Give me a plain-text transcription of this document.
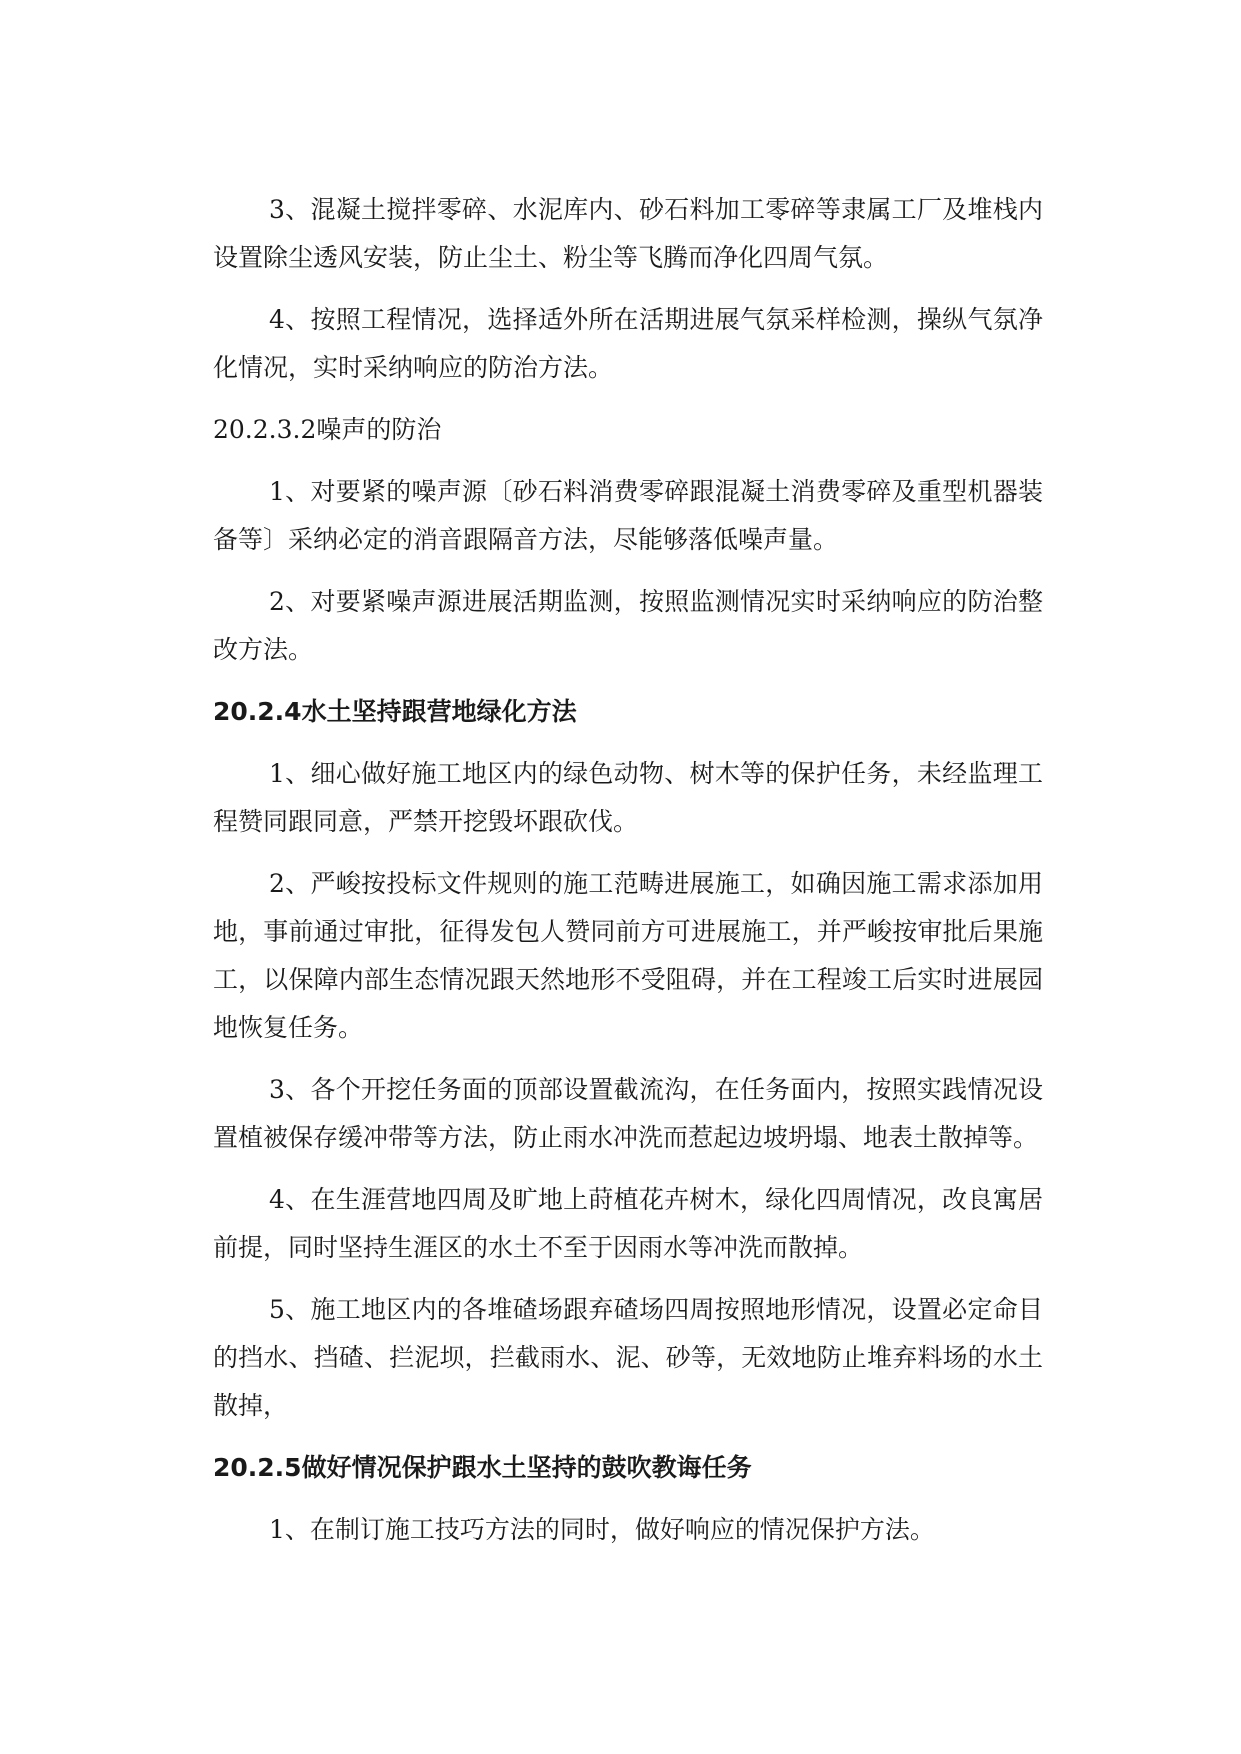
3、混凝土搅拌零碎、水泥库内、砂石料加工零碎等隶属工厂及堆栈内设置除尘透风安装，防止尘土、粉尘等飞腾而净化四周气氛。

4、按照工程情况，选择适外所在活期进展气氛采样检测，操纵气氛净化情况，实时采纳响应的防治方法。

20.2.3.2噪声的防治

1、对要紧的噪声源〔砂石料消费零碎跟混凝土消费零碎及重型机器装备等〕采纳必定的消音跟隔音方法，尽能够落低噪声量。

2、对要紧噪声源进展活期监测，按照监测情况实时采纳响应的防治整改方法。

20.2.4水土坚持跟营地绿化方法

1、细心做好施工地区内的绿色动物、树木等的保护任务，未经监理工程赞同跟同意，严禁开挖毁坏跟砍伐。

2、严峻按投标文件规则的施工范畴进展施工，如确因施工需求添加用地，事前通过审批，征得发包人赞同前方可进展施工，并严峻按审批后果施工，以保障内部生态情况跟天然地形不受阻碍，并在工程竣工后实时进展园地恢复任务。

3、各个开挖任务面的顶部设置截流沟，在任务面内，按照实践情况设置植被保存缓冲带等方法，防止雨水冲洗而惹起边坡坍塌、地表土散掉等。

4、在生涯营地四周及旷地上莳植花卉树木，绿化四周情况，改良寓居前提，同时坚持生涯区的水土不至于因雨水等冲洗而散掉。

5、施工地区内的各堆碴场跟弃碴场四周按照地形情况，设置必定命目的挡水、挡碴、拦泥坝，拦截雨水、泥、砂等，无效地防止堆弃料场的水土散掉，

20.2.5做好情况保护跟水土坚持的鼓吹教诲任务

1、在制订施工技巧方法的同时，做好响应的情况保护方法。
